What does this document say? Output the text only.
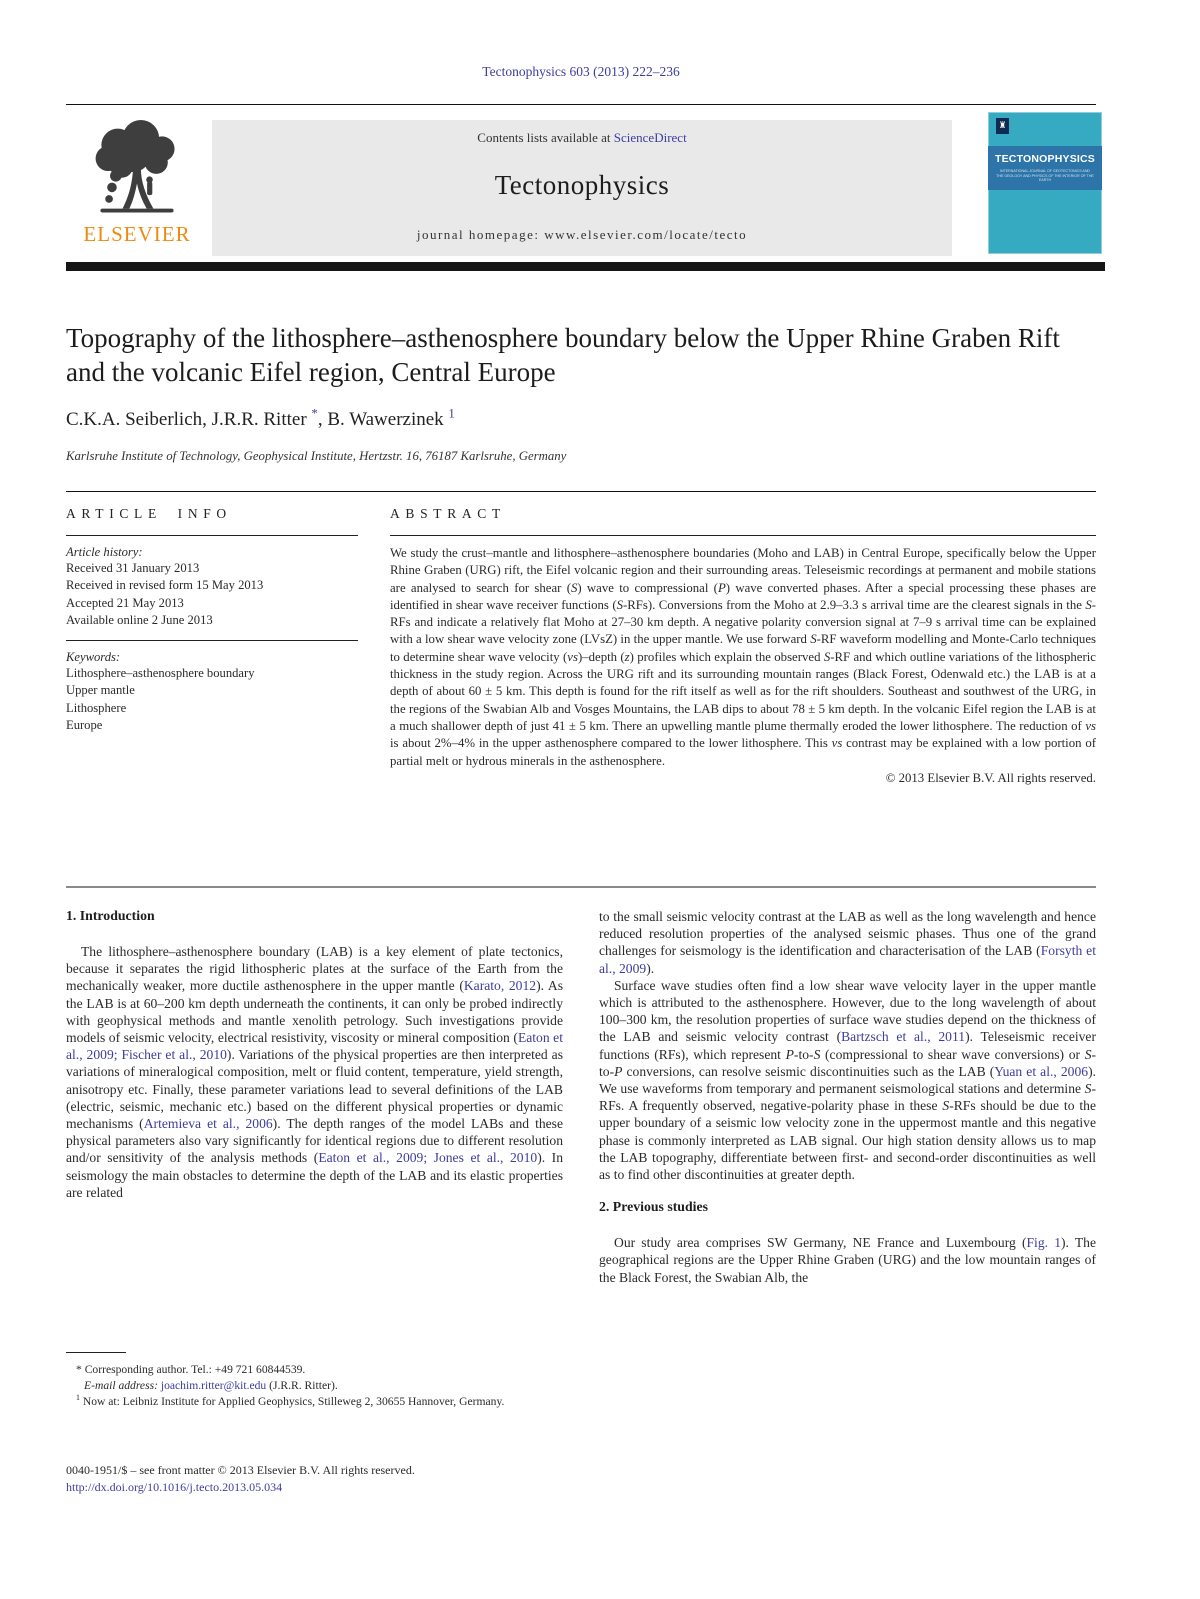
Tectonophysics 603 (2013) 222–236
ELSEVIER
Contents lists available at ScienceDirect
Tectonophysics
journal homepage: www.elsevier.com/locate/tecto
♜
TECTONOPHYSICS
INTERNATIONAL JOURNAL OF GEOTECTONICS AND THE GEOLOGY AND PHYSICS OF THE INTERIOR OF THE EARTH
Topography of the lithosphere–asthenosphere boundary below the Upper Rhine Graben Rift and the volcanic Eifel region, Central Europe
C.K.A. Seiberlich, J.R.R. Ritter *, B. Wawerzinek $^1$
Karlsruhe Institute of Technology, Geophysical Institute, Hertzstr. 16, 76187 Karlsruhe, Germany
ARTICLE INFO
Article history:
Received 31 January 2013
Received in revised form 15 May 2013
Accepted 21 May 2013
Available online 2 June 2013
Keywords:
Lithosphere–asthenosphere boundary
Upper mantle
Lithosphere
Europe
ABSTRACT
We study the crust–mantle and lithosphere–asthenosphere boundaries (Moho and LAB) in Central Europe, specifically below the Upper Rhine Graben (URG) rift, the Eifel volcanic region and their surrounding areas. Teleseismic recordings at permanent and mobile stations are analysed to search for shear (S) wave to compressional (P) wave converted phases. After a special processing these phases are identified in shear wave receiver functions (S-RFs). Conversions from the Moho at 2.9–3.3 s arrival time are the clearest signals in the S-RFs and indicate a relatively flat Moho at 27–30 km depth. A negative polarity conversion signal at 7–9 s arrival time can be explained with a low shear wave velocity zone (LVsZ) in the upper mantle. We use forward S-RF waveform modelling and Monte-Carlo techniques to determine shear wave velocity (vs)–depth (z) profiles which explain the observed S-RF and which outline variations of the lithospheric thickness in the study region. Across the URG rift and its surrounding mountain ranges (Black Forest, Odenwald etc.) the LAB is at a depth of about 60 ± 5 km. This depth is found for the rift itself as well as for the rift shoulders. Southeast and southwest of the URG, in the regions of the Swabian Alb and Vosges Mountains, the LAB dips to about 78 ± 5 km depth. In the volcanic Eifel region the LAB is at a much shallower depth of just 41 ± 5 km. There an upwelling mantle plume thermally eroded the lower lithosphere. The reduction of vs is about 2%–4% in the upper asthenosphere compared to the lower lithosphere. This vs contrast may be explained with a low portion of partial melt or hydrous minerals in the asthenosphere.
© 2013 Elsevier B.V. All rights reserved.
1. Introduction

The lithosphere–asthenosphere boundary (LAB) is a key element of plate tectonics, because it separates the rigid lithospheric plates at the surface of the Earth from the mechanically weaker, more ductile asthenosphere in the upper mantle (Karato, 2012). As the LAB is at 60–200 km depth underneath the continents, it can only be probed indirectly with geophysical methods and mantle xenolith petrology. Such investigations provide models of seismic velocity, electrical resistivity, viscosity or mineral composition (Eaton et al., 2009; Fischer et al., 2010). Variations of the physical properties are then interpreted as variations of mineralogical composition, melt or fluid content, temperature, yield strength, anisotropy etc. Finally, these parameter variations lead to several definitions of the LAB (electric, seismic, mechanic etc.) based on the different physical properties or dynamic mechanisms (Artemieva et al., 2006). The depth ranges of the model LABs and these physical parameters also vary significantly for identical regions due to different resolution and/or sensitivity of the analysis methods (Eaton et al., 2009; Jones et al., 2010). In seismology the main obstacles to determine the depth of the LAB and its elastic properties are related

to the small seismic velocity contrast at the LAB as well as the long wavelength and hence reduced resolution properties of the analysed seismic phases. Thus one of the grand challenges for seismology is the identification and characterisation of the LAB (Forsyth et al., 2009).

Surface wave studies often find a low shear wave velocity layer in the upper mantle which is attributed to the asthenosphere. However, due to the long wavelength of about 100–300 km, the resolution properties of surface wave studies depend on the thickness of the LAB and seismic velocity contrast (Bartzsch et al., 2011). Teleseismic receiver functions (RFs), which represent P-to-S (compressional to shear wave conversions) or S-to-P conversions, can resolve seismic discontinuities such as the LAB (Yuan et al., 2006). We use waveforms from temporary and permanent seismological stations and determine S-RFs. A frequently observed, negative-polarity phase in these S-RFs should be due to the upper boundary of a seismic low velocity zone in the uppermost mantle and this negative phase is commonly interpreted as LAB signal. Our high station density allows us to map the LAB topography, differentiate between first- and second-order discontinuities as well as to find other discontinuities at greater depth.

2. Previous studies

Our study area comprises SW Germany, NE France and Luxembourg (Fig. 1). The geographical regions are the Upper Rhine Graben (URG) and the low mountain ranges of the Black Forest, the Swabian Alb, the

* Corresponding author. Tel.: +49 721 60844539.
E-mail address: joachim.ritter@kit.edu (J.R.R. Ritter).
$^1$ Now at: Leibniz Institute for Applied Geophysics, Stilleweg 2, 30655 Hannover, Germany.
0040-1951/$ – see front matter © 2013 Elsevier B.V. All rights reserved.
http://dx.doi.org/10.1016/j.tecto.2013.05.034
